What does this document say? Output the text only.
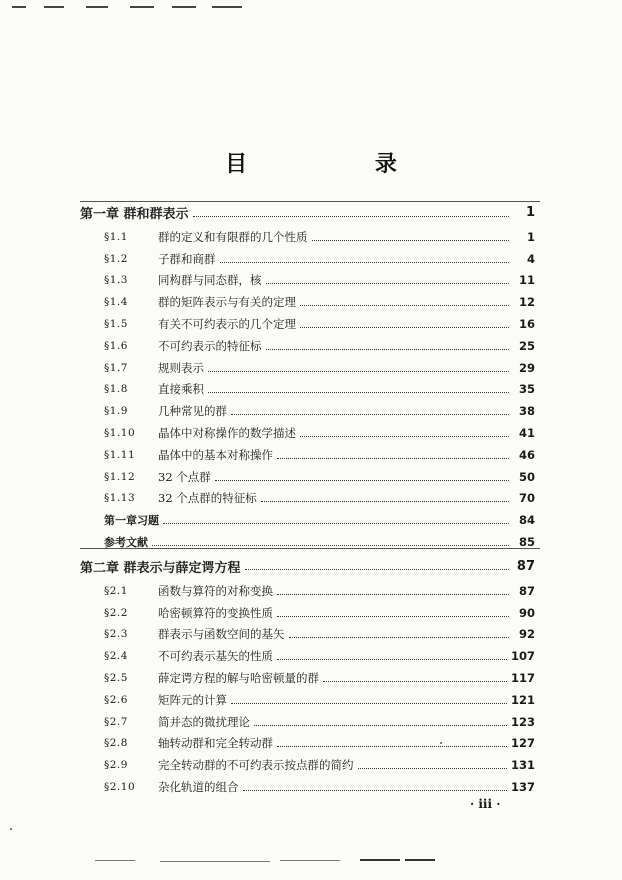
目 录
第一章 群和群表示	1
§1.1	群的定义和有限群的几个性质	1
§1.2	子群和商群	4
§1.3	同构群与同态群，核	11
§1.4	群的矩阵表示与有关的定理	12
§1.5	有关不可约表示的几个定理	16
§1.6	不可约表示的特征标	25
§1.7	规则表示	29
§1.8	直接乘积	35
§1.9	几种常见的群	38
§1.10	晶体中对称操作的数学描述	41
§1.11	晶体中的基本对称操作	46
§1.12	32 个点群	50
§1.13	32 个点群的特征标	70
第一章习题	84
参考文献	85
第二章 群表示与薛定谔方程	87
§2.1	函数与算符的对称变换	87
§2.2	哈密顿算符的变换性质	90
§2.3	群表示与函数空间的基矢	92
§2.4	不可约表示基矢的性质	107
§2.5	薛定谔方程的解与哈密顿量的群	117
§2.6	矩阵元的计算	121
§2.7	简并态的微扰理论	123
§2.8	轴转动群和完全转动群	127
§2.9	完全转动群的不可约表示按点群的简约	131
§2.10	杂化轨道的组合	137
· iii ·
